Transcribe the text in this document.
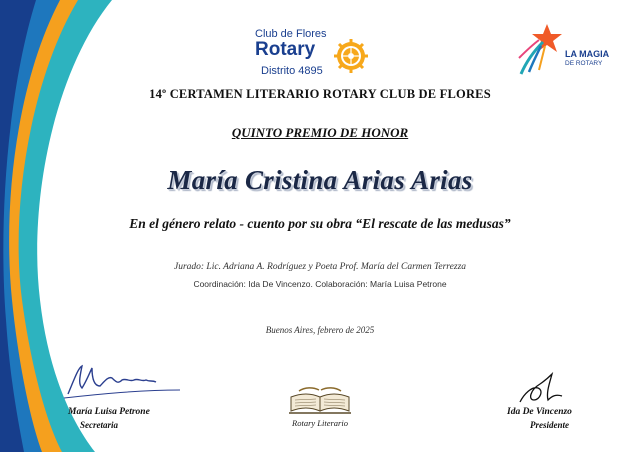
Club de Flores
Rotary
Distrito 4895
LA MAGIA
DE ROTARY
14º CERTAMEN LITERARIO ROTARY CLUB DE FLORES
QUINTO PREMIO DE HONOR
María Cristina Arias Arias
En el género relato - cuento por su obra “El rescate de las medusas”
Jurado: Lic. Adriana A. Rodríguez y Poeta Prof. María del Carmen Terrezza
Coordinación: Ida De Vincenzo. Colaboración: María Luisa Petrone
Buenos Aires, febrero de 2025
María Luisa Petrone
Secretaria
Ida De Vincenzo
Presidente
Rotary Literario
